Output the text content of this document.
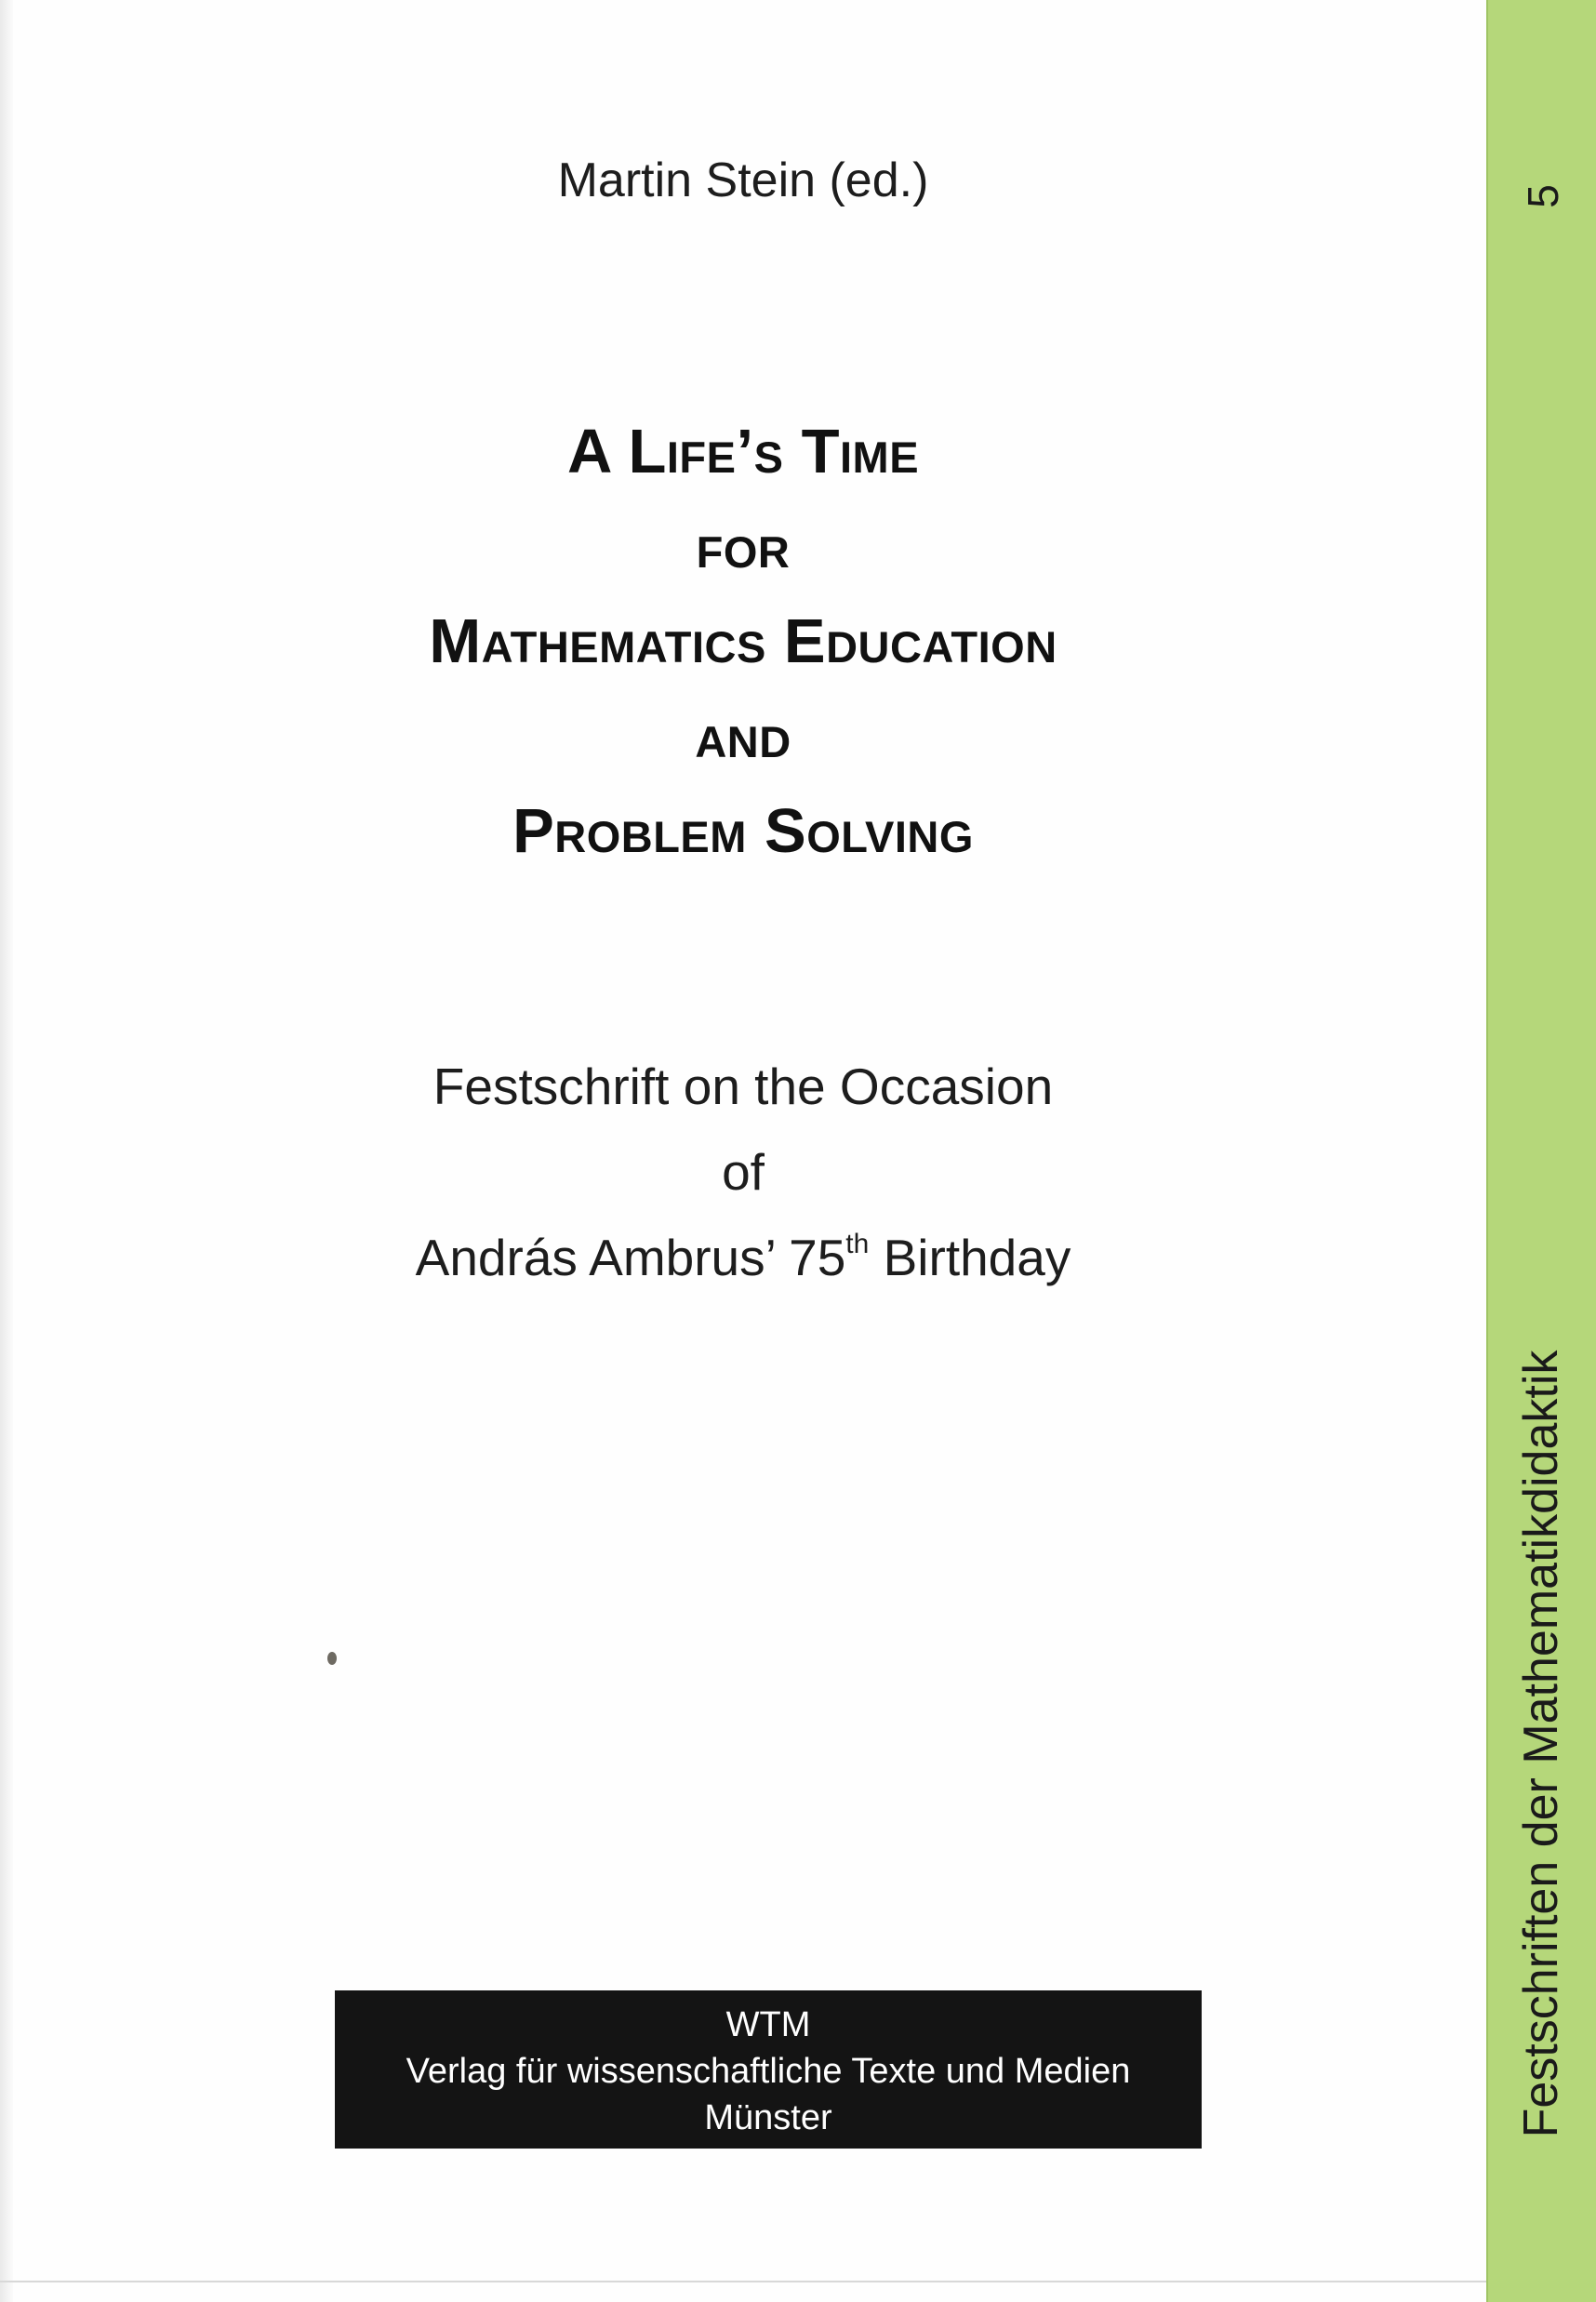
Martin Stein (ed.)
A Life’s Time
for
Mathematics Education
and
Problem Solving
Festschrift on the Occasion
of
András Ambrus’ 75th Birthday
WTM
Verlag für wissenschaftliche Texte und Medien
Münster
5
Festschriften der Mathematikdidaktik
